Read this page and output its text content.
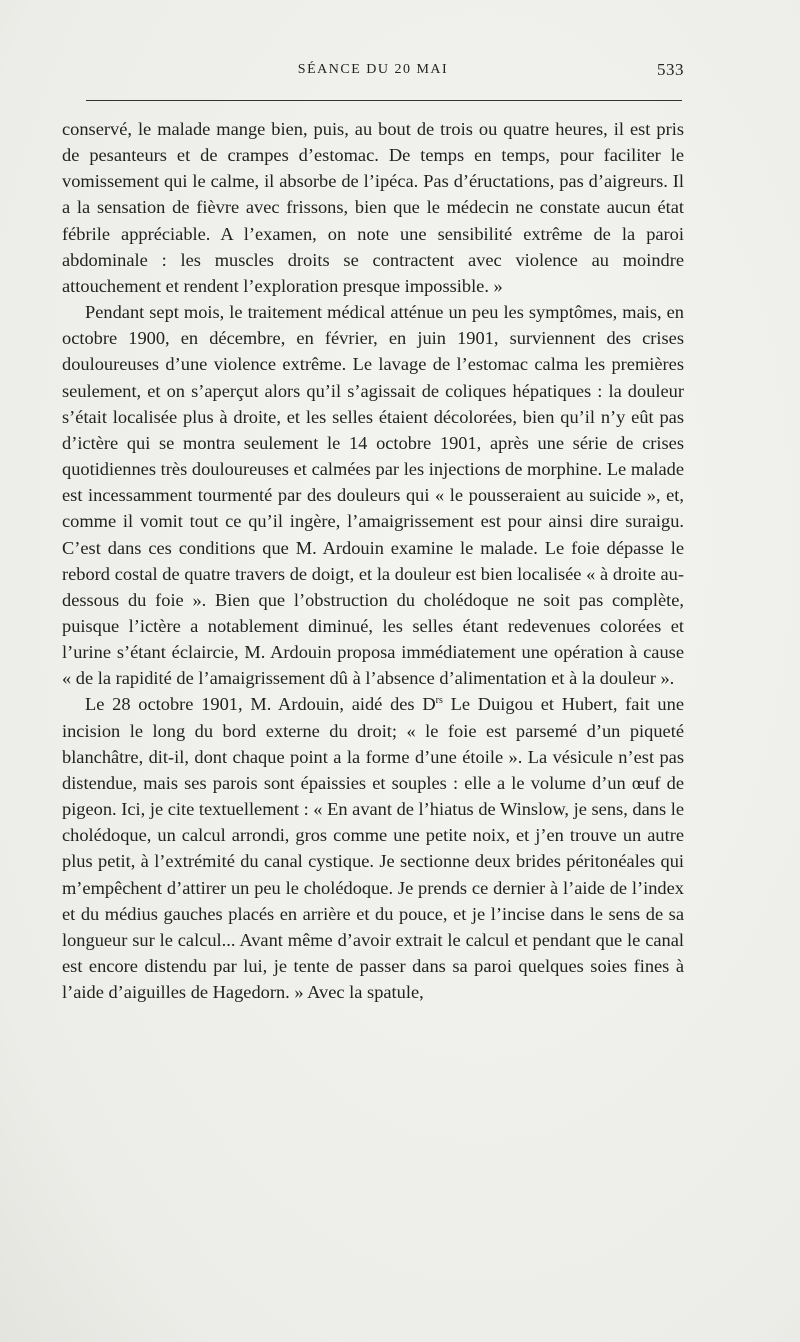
SÉANCE DU 20 MAI	533

conservé, le malade mange bien, puis, au bout de trois ou quatre heures, il est pris de pesanteurs et de crampes d’estomac. De temps en temps, pour faciliter le vomissement qui le calme, il absorbe de l’ipéca. Pas d’éructations, pas d’aigreurs. Il a la sensation de fièvre avec frissons, bien que le médecin ne constate aucun état fébrile appréciable. A l’examen, on note une sensibilité extrême de la paroi abdominale : les muscles droits se contractent avec violence au moindre attouchement et rendent l’exploration presque impossible. »

Pendant sept mois, le traitement médical atténue un peu les symptômes, mais, en octobre 1900, en décembre, en février, en juin 1901, surviennent des crises douloureuses d’une violence extrême. Le lavage de l’estomac calma les premières seulement, et on s’aperçut alors qu’il s’agissait de coliques hépatiques : la douleur s’était localisée plus à droite, et les selles étaient décolorées, bien qu’il n’y eût pas d’ictère qui se montra seulement le 14 octobre 1901, après une série de crises quotidiennes très douloureuses et calmées par les injections de morphine. Le malade est incessamment tourmenté par des douleurs qui « le pousseraient au suicide », et, comme il vomit tout ce qu’il ingère, l’amaigrissement est pour ainsi dire suraigu. C’est dans ces conditions que M. Ardouin examine le malade. Le foie dépasse le rebord costal de quatre travers de doigt, et la douleur est bien localisée « à droite au-dessous du foie ». Bien que l’obstruction du cholédoque ne soit pas complète, puisque l’ictère a notablement diminué, les selles étant redevenues colorées et l’urine s’étant éclaircie, M. Ardouin proposa immédiatement une opération à cause « de la rapidité de l’amaigrissement dû à l’absence d’alimentation et à la douleur ».

Le 28 octobre 1901, M. Ardouin, aidé des $D^{rs}$ Le Duigou et Hubert, fait une incision le long du bord externe du droit; « le foie est parsemé d’un piqueté blanchâtre, dit-il, dont chaque point a la forme d’une étoile ». La vésicule n’est pas distendue, mais ses parois sont épaissies et souples : elle a le volume d’un œuf de pigeon. Ici, je cite textuellement : « En avant de l’hiatus de Winslow, je sens, dans le cholédoque, un calcul arrondi, gros comme une petite noix, et j’en trouve un autre plus petit, à l’extrémité du canal cystique. Je sectionne deux brides péritonéales qui m’empêchent d’attirer un peu le cholédoque. Je prends ce dernier à l’aide de l’index et du médius gauches placés en arrière et du pouce, et je l’incise dans le sens de sa longueur sur le calcul... Avant même d’avoir extrait le calcul et pendant que le canal est encore distendu par lui, je tente de passer dans sa paroi quelques soies fines à l’aide d’aiguilles de Hagedorn. » Avec la spatule,
